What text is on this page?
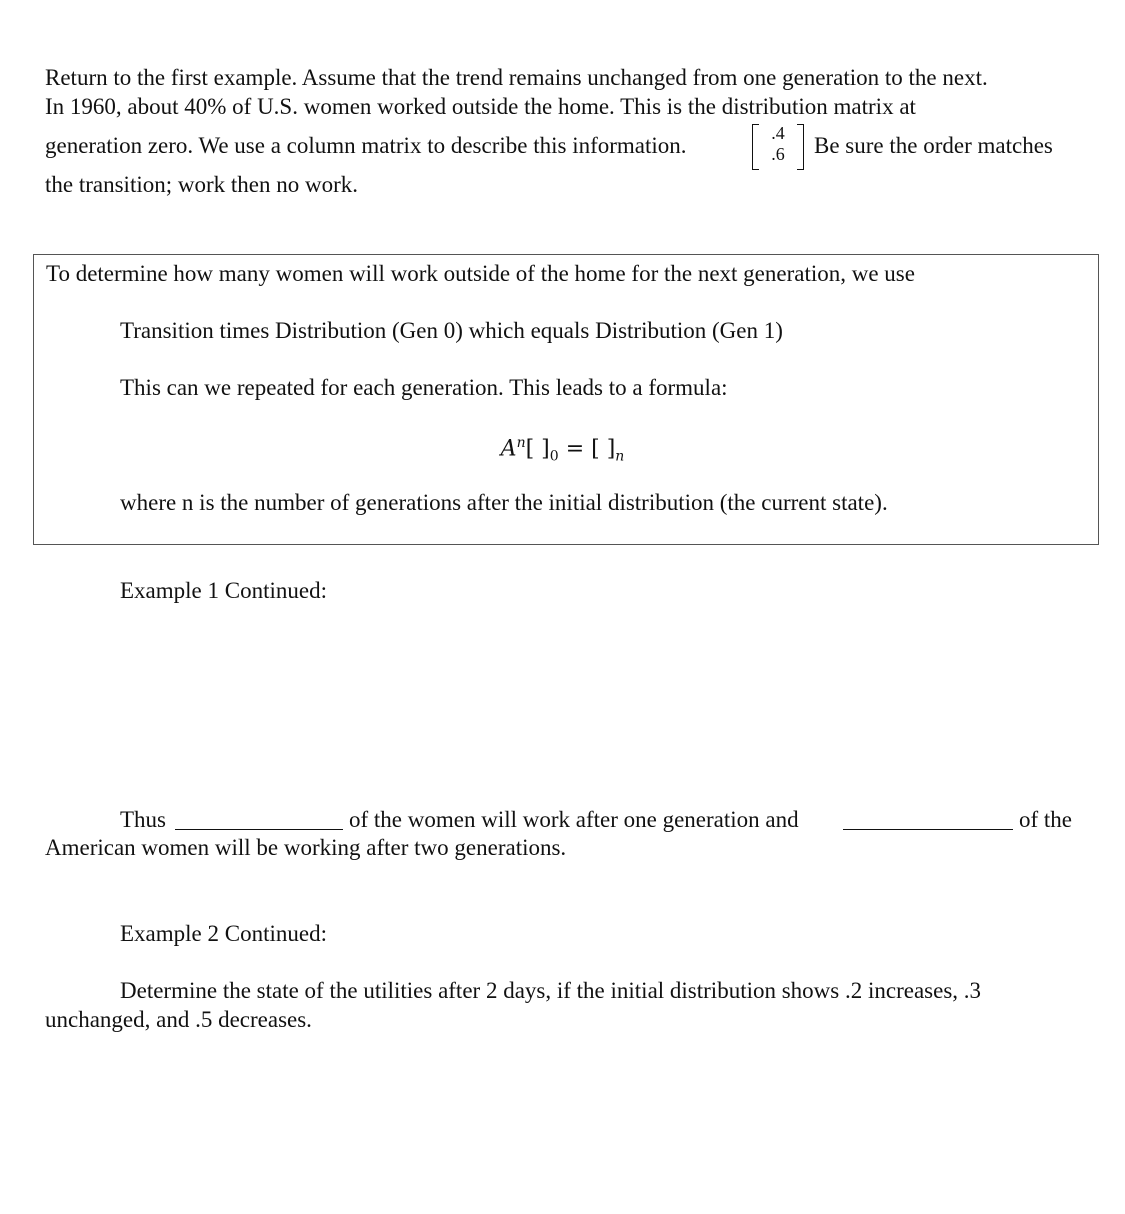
Return to the first example. Assume that the trend remains unchanged from one generation to the next.
In 1960, about 40% of U.S. women worked outside the home. This is the distribution matrix at
generation zero. We use a column matrix to describe this information.	.4
.6	Be sure the order matches
the transition; work then no work.
To determine how many women will work outside of the home for the next generation, we use
Transition times Distribution (Gen 0) which equals Distribution (Gen 1)
This can we repeated for each generation. This leads to a formula:
$A^n$[ ]$_0$ = [ ]$_n$
where n is the number of generations after the initial distribution (the current state).
Example 1 Continued:
Thus	of the women will work after one generation and	of the
American women will be working after two generations.
Example 2 Continued:
Determine the state of the utilities after 2 days, if the initial distribution shows .2 increases, .3
unchanged, and .5 decreases.
